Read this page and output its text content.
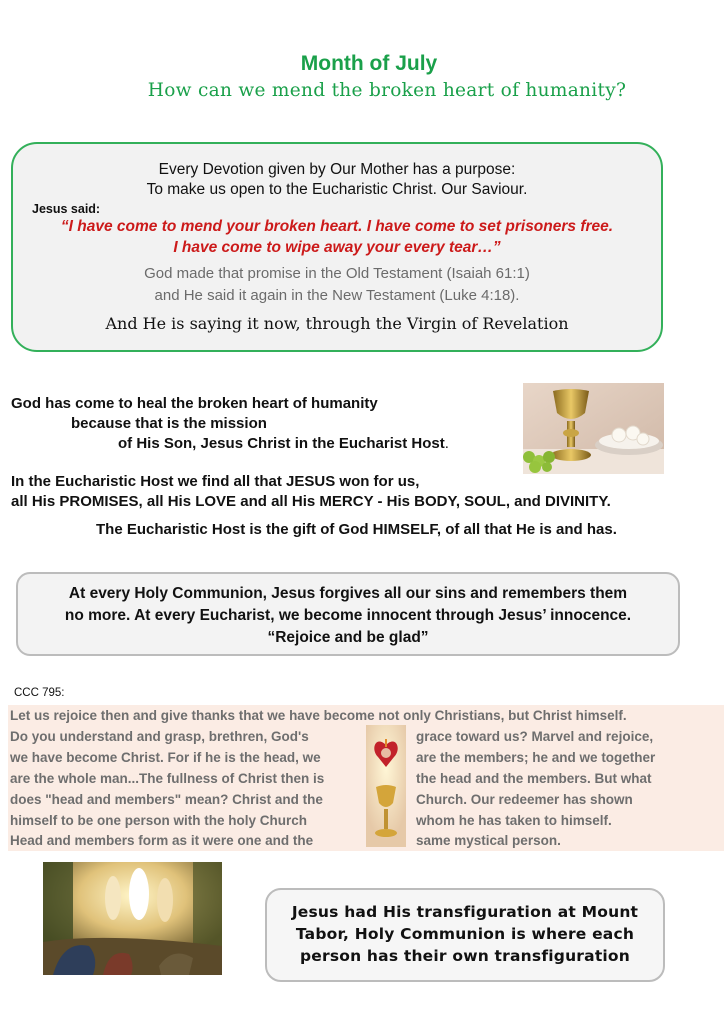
Month of July
How can we mend the broken heart of humanity?
Every Devotion given by Our Mother has a purpose:
To make us open to the Eucharistic Christ. Our Saviour.
Jesus said:
“I have come to mend your broken heart. I have come to set prisoners free.
I have come to wipe away your every tear…”
God made that promise in the Old Testament (Isaiah 61:1)
and He said it again in the New Testament (Luke 4:18).
And He is saying it now, through the Virgin of Revelation
God has come to heal the broken heart of humanity
because that is the mission
of His Son, Jesus Christ in the Eucharist Host.
In the Eucharistic Host we find all that JESUS won for us,
all His PROMISES, all His LOVE and all His MERCY - His BODY, SOUL, and DIVINITY.
The Eucharistic Host is the gift of God HIMSELF, of all that He is and has.
At every Holy Communion, Jesus forgives all our sins and remembers them
no more. At every Eucharist, we become innocent through Jesus’ innocence.
“Rejoice and be glad”
CCC 795:
Let us rejoice then and give thanks that we have become not only Christians, but Christ himself.
Do you understand and grasp, brethren, God's
we have become Christ. For if he is the head, we
are the whole man...The fullness of Christ then is
does "head and members" mean? Christ and the
himself to be one person with the holy Church
Head and members form as it were one and the
grace toward us? Marvel and rejoice,
are the members; he and we together
the head and the members. But what
Church. Our redeemer has shown
whom he has taken to himself.
same mystical person.
Jesus had His transfiguration at Mount
Tabor, Holy Communion is where each
person has their own transfiguration
